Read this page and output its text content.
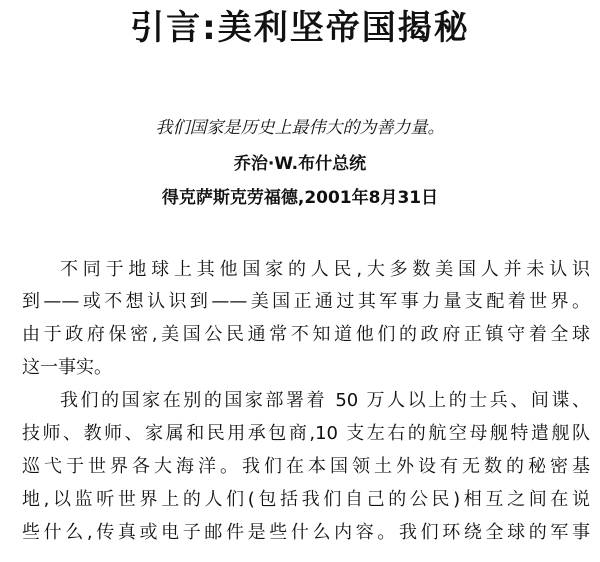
引言:美利坚帝国揭秘
我们国家是历史上最伟大的为善力量。
乔治·W.布什总统
得克萨斯克劳福德,2001年8月31日
不同于地球上其他国家的人民,大多数美国人并未认识
到——或不想认识到——美国正通过其军事力量支配着世界。
由于政府保密,美国公民通常不知道他们的政府正镇守着全球
这一事实。
我们的国家在别的国家部署着 50 万人以上的士兵、间谍、
技师、教师、家属和民用承包商,10 支左右的航空母舰特遣舰队
巡弋于世界各大海洋。我们在本国领土外设有无数的秘密基
地,以监听世界上的人们(包括我们自己的公民)相互之间在说
些什么,传真或电子邮件是些什么内容。我们环绕全球的军事
